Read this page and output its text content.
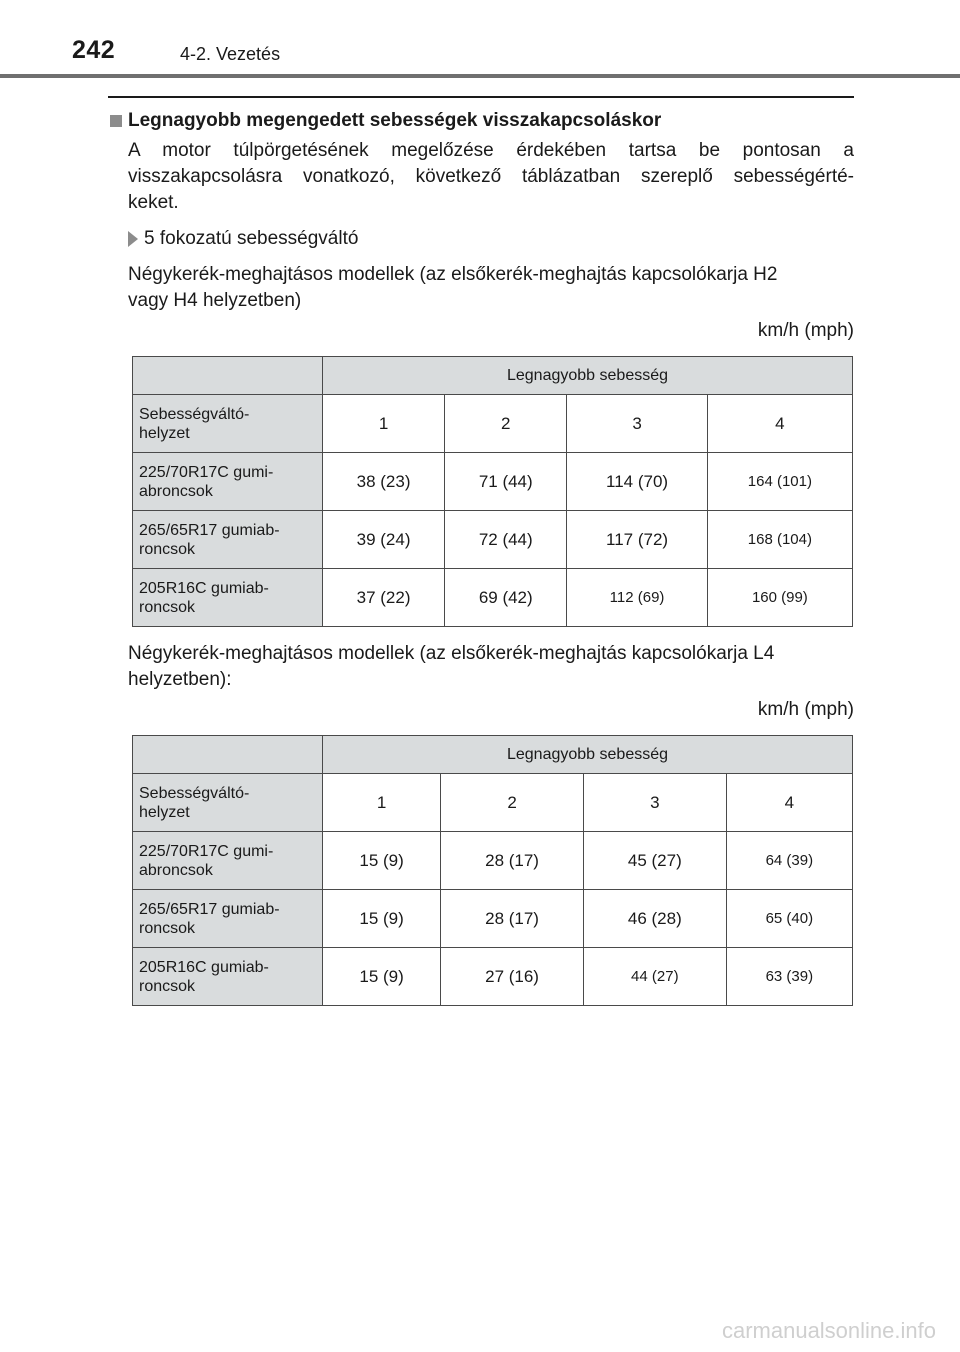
242	4-2. Vezetés
Legnagyobb megengedett sebességek visszakapcsoláskor
A motor túlpörgetésének megelőzése érdekében tartsa be pontosan a
visszakapcsolásra vonatkozó, következő táblázatban szereplő sebességérté-
keket.
5 fokozatú sebességváltó
Négykerék-meghajtásos modellek (az elsőkerék-meghajtás kapcsolókarja H2
vagy H4 helyzetben)
km/h (mph)
	Legnagyobb sebesség			
Sebességváltó-
helyzet	1	2	3	4
225/70R17C gumi-
abroncsok	38 (23)	71 (44)	114 (70)	164 (101)
265/65R17 gumiab-
roncsok	39 (24)	72 (44)	117 (72)	168 (104)
205R16C gumiab-
roncsok	37 (22)	69 (42)	112 (69)	160 (99)
Négykerék-meghajtásos modellek (az elsőkerék-meghajtás kapcsolókarja L4
helyzetben):
km/h (mph)
	Legnagyobb sebesség			
Sebességváltó-
helyzet	1	2	3	4
225/70R17C gumi-
abroncsok	15 (9)	28 (17)	45 (27)	64 (39)
265/65R17 gumiab-
roncsok	15 (9)	28 (17)	46 (28)	65 (40)
205R16C gumiab-
roncsok	15 (9)	27 (16)	44 (27)	63 (39)
carmanualsonline.info
